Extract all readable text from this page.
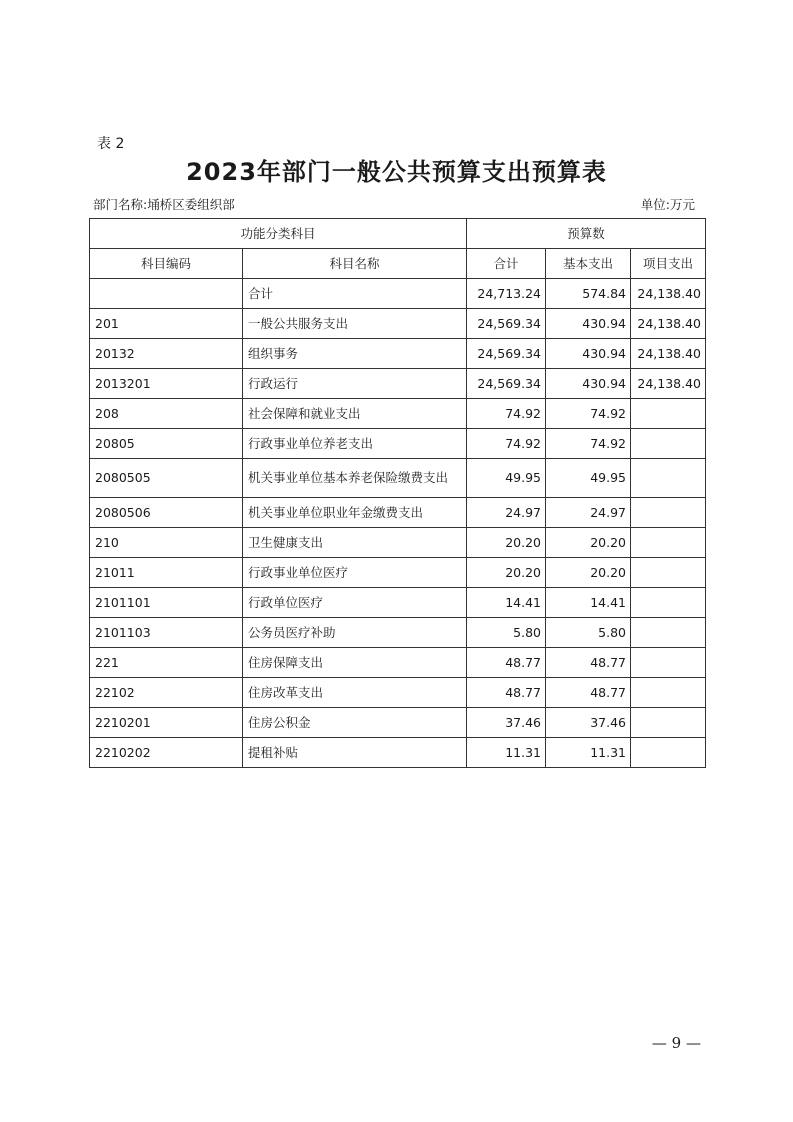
表 2
2023年部门一般公共预算支出预算表
部门名称:埇桥区委组织部	单位:万元
功能分类科目		预算数		
科目编码	科目名称	合计	基本支出	项目支出
	合计	24,713.24	574.84	24,138.40
201	一般公共服务支出	24,569.34	430.94	24,138.40
20132	组织事务	24,569.34	430.94	24,138.40
2013201	行政运行	24,569.34	430.94	24,138.40
208	社会保障和就业支出	74.92	74.92	
20805	行政事业单位养老支出	74.92	74.92	
2080505	机关事业单位基本养老保险缴费支出	49.95	49.95	
2080506	机关事业单位职业年金缴费支出	24.97	24.97	
210	卫生健康支出	20.20	20.20	
21011	行政事业单位医疗	20.20	20.20	
2101101	行政单位医疗	14.41	14.41	
2101103	公务员医疗补助	5.80	5.80	
221	住房保障支出	48.77	48.77	
22102	住房改革支出	48.77	48.77	
2210201	住房公积金	37.46	37.46	
2210202	提租补贴	11.31	11.31	
— 9 —
